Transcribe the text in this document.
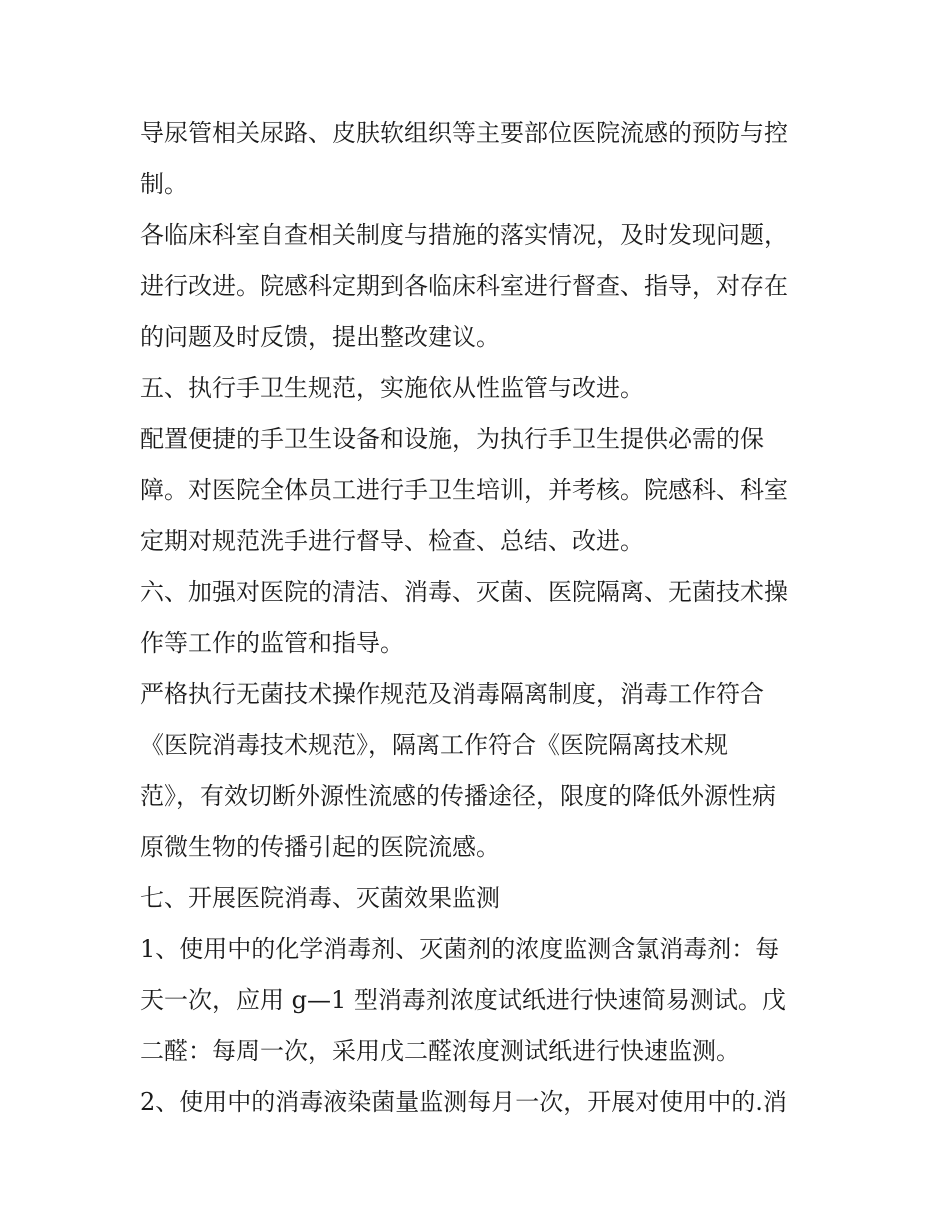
导尿管相关尿路、皮肤软组织等主要部位医院流感的预防与控
制。
各临床科室自查相关制度与措施的落实情况，及时发现问题，
进行改进。院感科定期到各临床科室进行督查、指导，对存在
的问题及时反馈，提出整改建议。
五、执行手卫生规范，实施依从性监管与改进。
配置便捷的手卫生设备和设施，为执行手卫生提供必需的保
障。对医院全体员工进行手卫生培训，并考核。院感科、科室
定期对规范洗手进行督导、检查、总结、改进。
六、加强对医院的清洁、消毒、灭菌、医院隔离、无菌技术操
作等工作的监管和指导。
严格执行无菌技术操作规范及消毒隔离制度，消毒工作符合
《医院消毒技术规范》，隔离工作符合《医院隔离技术规
范》，有效切断外源性流感的传播途径，限度的降低外源性病
原微生物的传播引起的医院流感。
七、开展医院消毒、灭菌效果监测
1、使用中的化学消毒剂、灭菌剂的浓度监测含氯消毒剂：每
天一次，应用 g—1 型消毒剂浓度试纸进行快速简易测试。戊
二醛：每周一次，采用戊二醛浓度测试纸进行快速监测。
2、使用中的消毒液染菌量监测每月一次，开展对使用中的.消
